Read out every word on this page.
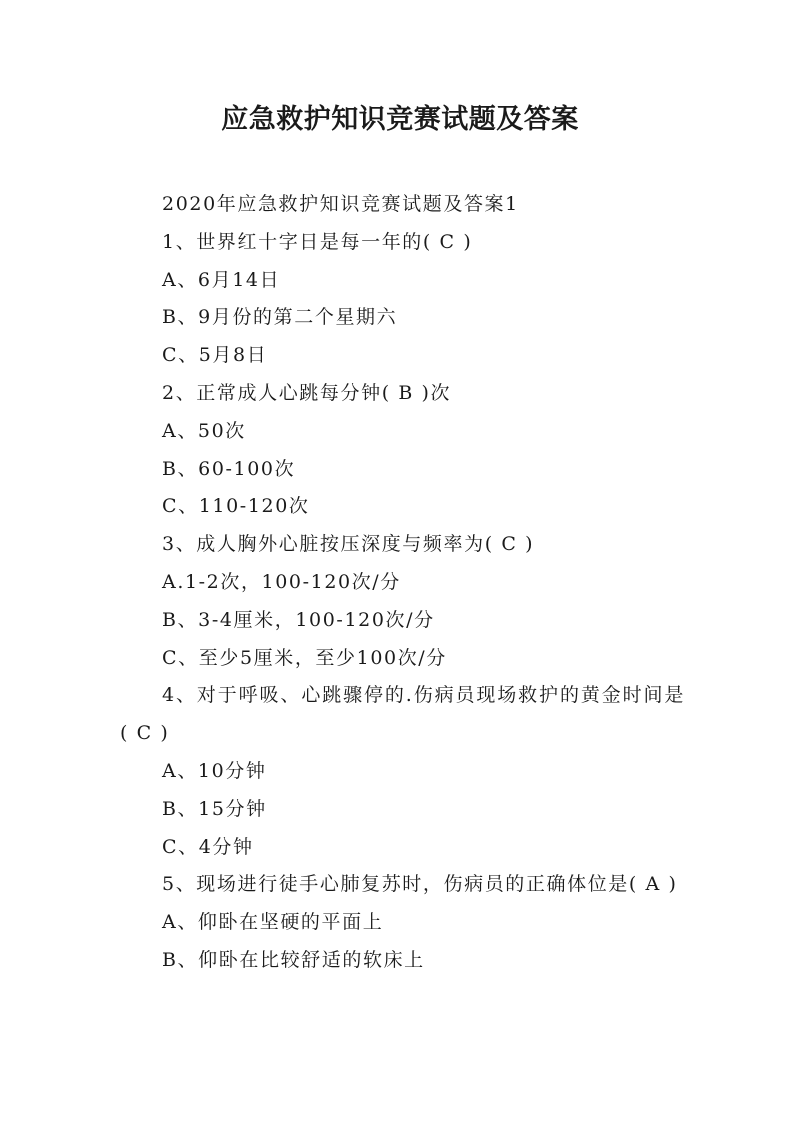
应急救护知识竞赛试题及答案

2020年应急救护知识竞赛试题及答案1

1、世界红十字日是每一年的( C )

A、6月14日

B、9月份的第二个星期六

C、5月8日

2、正常成人心跳每分钟( B )次

A、50次

B、60-100次

C、110-120次

3、成人胸外心脏按压深度与频率为( C )

A.1-2次，100-120次/分

B、3-4厘米，100-120次/分

C、至少5厘米，至少100次/分

4、对于呼吸、心跳骤停的.伤病员现场救护的黄金时间是( C )

A、10分钟

B、15分钟

C、4分钟

5、现场进行徒手心肺复苏时，伤病员的正确体位是( A )

A、仰卧在坚硬的平面上

B、仰卧在比较舒适的软床上
